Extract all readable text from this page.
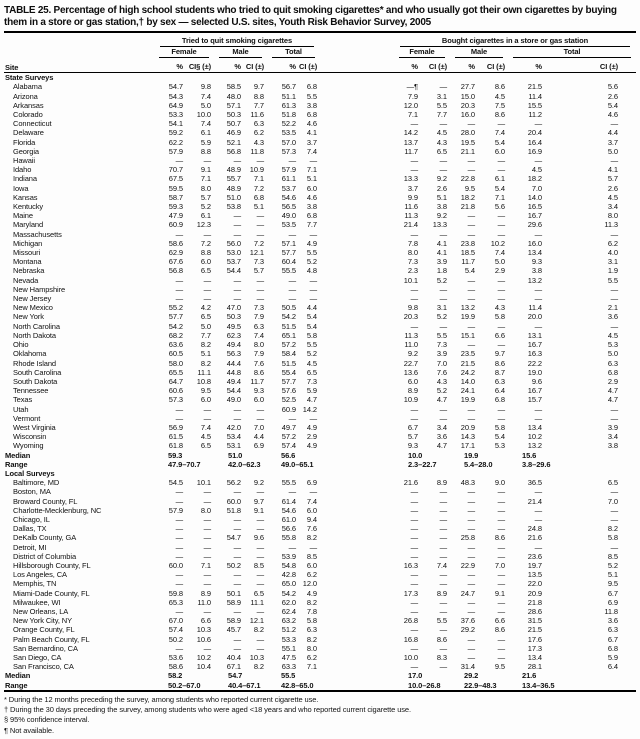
TABLE 25. Percentage of high school students who tried to quit smoking cigarettes* and who usually got their own cigarettes by buying them in a store or gas station,† by sex — selected U.S. sites, Youth Risk Behavior Survey, 2005
Site	Tried to quit smoking cigarettes							Bought cigarettes in a store or gas station					

	Female		Male		Total			Female		Male		Total	

	%	CI§ (±)	%	CI (±)	%	CI (±)		%	CI (±)	%	CI (±)	%	CI (±)
State Surveys													
Alabama	54.7	9.8	58.5	9.7	56.7	6.8		—¶	—	27.7	8.6	21.5	5.6
Arizona	54.3	7.4	48.0	8.8	51.1	5.5		7.9	3.1	15.0	4.5	11.4	2.6
Arkansas	64.9	5.0	57.1	7.7	61.3	3.8		12.0	5.5	20.3	7.5	15.5	5.4
Colorado	53.3	10.0	50.3	11.6	51.8	6.8		7.1	7.7	16.0	8.6	11.2	4.6
Connecticut	54.1	7.4	50.7	6.3	52.2	4.6		—	—	—	—	—	—
Delaware	59.2	6.1	46.9	6.2	53.5	4.1		14.2	4.5	28.0	7.4	20.4	4.4
Florida	62.2	5.9	52.1	4.3	57.0	3.7		13.7	4.3	19.5	5.4	16.4	3.7
Georgia	57.9	8.8	56.8	11.8	57.3	7.4		11.7	6.5	21.1	6.0	16.9	5.0
Hawaii	—	—	—	—	—	—		—	—	—	—	—	—
Idaho	70.7	9.1	48.9	10.9	57.9	7.1		—	—	—	—	4.5	4.1
Indiana	67.5	7.1	55.7	7.1	61.1	5.1		13.3	9.2	22.8	6.1	18.2	5.7
Iowa	59.5	8.0	48.9	7.2	53.7	6.0		3.7	2.6	9.5	5.4	7.0	2.6
Kansas	58.7	5.7	51.0	6.8	54.6	4.6		9.9	5.1	18.2	7.1	14.0	4.5
Kentucky	59.3	5.2	53.8	5.1	56.5	3.8		11.6	3.8	21.8	5.6	16.5	3.4
Maine	47.9	6.1	—	—	49.0	6.8		11.3	9.2	—	—	16.7	8.0
Maryland	60.9	12.3	—	—	53.5	7.7		21.4	13.3	—	—	29.6	11.3
Massachusetts	—	—	—	—	—	—		—	—	—	—	—	—
Michigan	58.6	7.2	56.0	7.2	57.1	4.9		7.8	4.1	23.8	10.2	16.0	6.2
Missouri	62.9	8.8	53.0	12.1	57.7	5.5		8.0	4.1	18.5	7.4	13.4	4.0
Montana	67.6	6.0	53.7	7.3	60.4	5.2		7.3	3.9	11.7	5.0	9.3	3.1
Nebraska	56.8	6.5	54.4	5.7	55.5	4.8		2.3	1.8	5.4	2.9	3.8	1.9
Nevada	—	—	—	—	—	—		10.1	5.2	—	—	13.2	5.5
New Hampshire	—	—	—	—	—	—		—	—	—	—	—	—
New Jersey	—	—	—	—	—	—		—	—	—	—	—	—
New Mexico	55.2	4.2	47.0	7.3	50.5	4.4		9.8	3.1	13.2	4.3	11.4	2.1
New York	57.7	6.5	50.3	7.9	54.2	5.4		20.3	5.2	19.9	5.8	20.0	3.6
North Carolina	54.2	5.0	49.5	6.3	51.5	5.4		—	—	—	—	—	—
North Dakota	68.2	7.7	62.3	7.4	65.1	5.8		11.3	5.5	15.1	6.6	13.1	4.5
Ohio	63.6	8.2	49.4	8.0	57.2	5.5		11.0	7.3	—	—	16.7	5.3
Oklahoma	60.5	5.1	56.3	7.9	58.4	5.2		9.2	3.9	23.5	9.7	16.3	5.0
Rhode Island	58.0	8.2	44.4	7.6	51.5	4.5		22.7	7.0	21.5	8.6	22.2	6.3
South Carolina	65.5	11.1	44.8	8.6	55.4	6.5		13.6	7.6	24.2	8.7	19.0	6.8
South Dakota	64.7	10.8	49.4	11.7	57.7	7.3		6.0	4.3	14.0	6.3	9.6	2.9
Tennessee	60.6	9.5	54.4	9.3	57.6	5.9		8.9	5.2	24.1	6.4	16.7	4.7
Texas	57.3	6.0	49.0	6.0	52.5	4.7		10.9	4.7	19.9	6.8	15.7	4.7
Utah	—	—	—	—	60.9	14.2		—	—	—	—	—	—
Vermont	—	—	—	—	—	—		—	—	—	—	—	—
West Virginia	56.9	7.4	42.0	7.0	49.7	4.9		6.7	3.4	20.9	5.8	13.4	3.9
Wisconsin	61.5	4.5	53.4	4.4	57.2	2.9		5.7	3.6	14.3	5.4	10.2	3.4
Wyoming	61.8	6.5	53.1	6.9	57.4	4.9		9.3	4.7	17.1	5.3	13.2	3.8
Median	59.3		51.0		56.6			10.0		19.9		15.6	
Range	47.9–70.7		42.0–62.3		49.0–65.1			2.3–22.7		5.4–28.0		3.8–29.6	
Local Surveys													
Baltimore, MD	54.5	10.1	56.2	9.2	55.5	6.9		21.6	8.9	48.3	9.0	36.5	6.5
Boston, MA	—	—	—	—	—	—		—	—	—	—	—	—
Broward County, FL	—	—	60.0	9.7	61.4	7.4		—	—	—	—	21.4	7.0
Charlotte-Mecklenburg, NC	57.9	8.0	51.8	9.1	54.6	6.0		—	—	—	—	—	—
Chicago, IL	—	—	—	—	61.0	9.4		—	—	—	—	—	—
Dallas, TX	—	—	—	—	56.6	7.6		—	—	—	—	24.8	8.2
DeKalb County, GA	—	—	54.7	9.6	55.8	8.2		—	—	25.8	8.6	21.6	5.8
Detroit, MI	—	—	—	—	—	—		—	—	—	—	—	—
District of Columbia	—	—	—	—	53.9	8.5		—	—	—	—	23.6	8.5
Hillsborough County, FL	60.0	7.1	50.2	8.5	54.8	6.0		16.3	7.4	22.9	7.0	19.7	5.2
Los Angeles, CA	—	—	—	—	42.8	6.2		—	—	—	—	13.5	5.1
Memphis, TN	—	—	—	—	65.0	12.0		—	—	—	—	22.0	9.5
Miami-Dade County, FL	59.8	8.9	50.1	6.5	54.2	4.9		17.3	8.9	24.7	9.1	20.9	6.7
Milwaukee, WI	65.3	11.0	58.9	11.1	62.0	8.2		—	—	—	—	21.8	6.9
New Orleans, LA	—	—	—	—	62.4	7.8		—	—	—	—	28.6	11.8
New York City, NY	67.0	6.6	58.9	12.1	63.2	5.8		26.8	5.5	37.6	6.6	31.5	3.6
Orange County, FL	57.4	10.3	45.7	8.2	51.2	6.3		—	—	29.2	8.6	21.5	6.3
Palm Beach County, FL	50.2	10.6	—	—	53.3	8.2		16.8	8.6	—	—	17.6	6.7
San Bernardino, CA	—	—	—	—	55.1	8.0		—	—	—	—	17.3	6.8
San Diego, CA	53.6	10.2	40.4	10.3	47.5	6.2		10.0	8.3	—	—	13.4	5.9
San Francisco, CA	58.6	10.4	67.1	8.2	63.3	7.1		—	—	31.4	9.5	28.1	6.4
Median	58.2		54.7		55.5			17.0		29.2		21.6	
Range	50.2–67.0		40.4–67.1		42.8–65.0			10.0–26.8		22.9–48.3		13.4–36.5	
* During the 12 months preceding the survey, among students who reported current cigarette use.
† During the 30 days preceding the survey, among students who were aged <18 years and who reported current cigarette use.
§ 95% confidence interval.
¶ Not available.
